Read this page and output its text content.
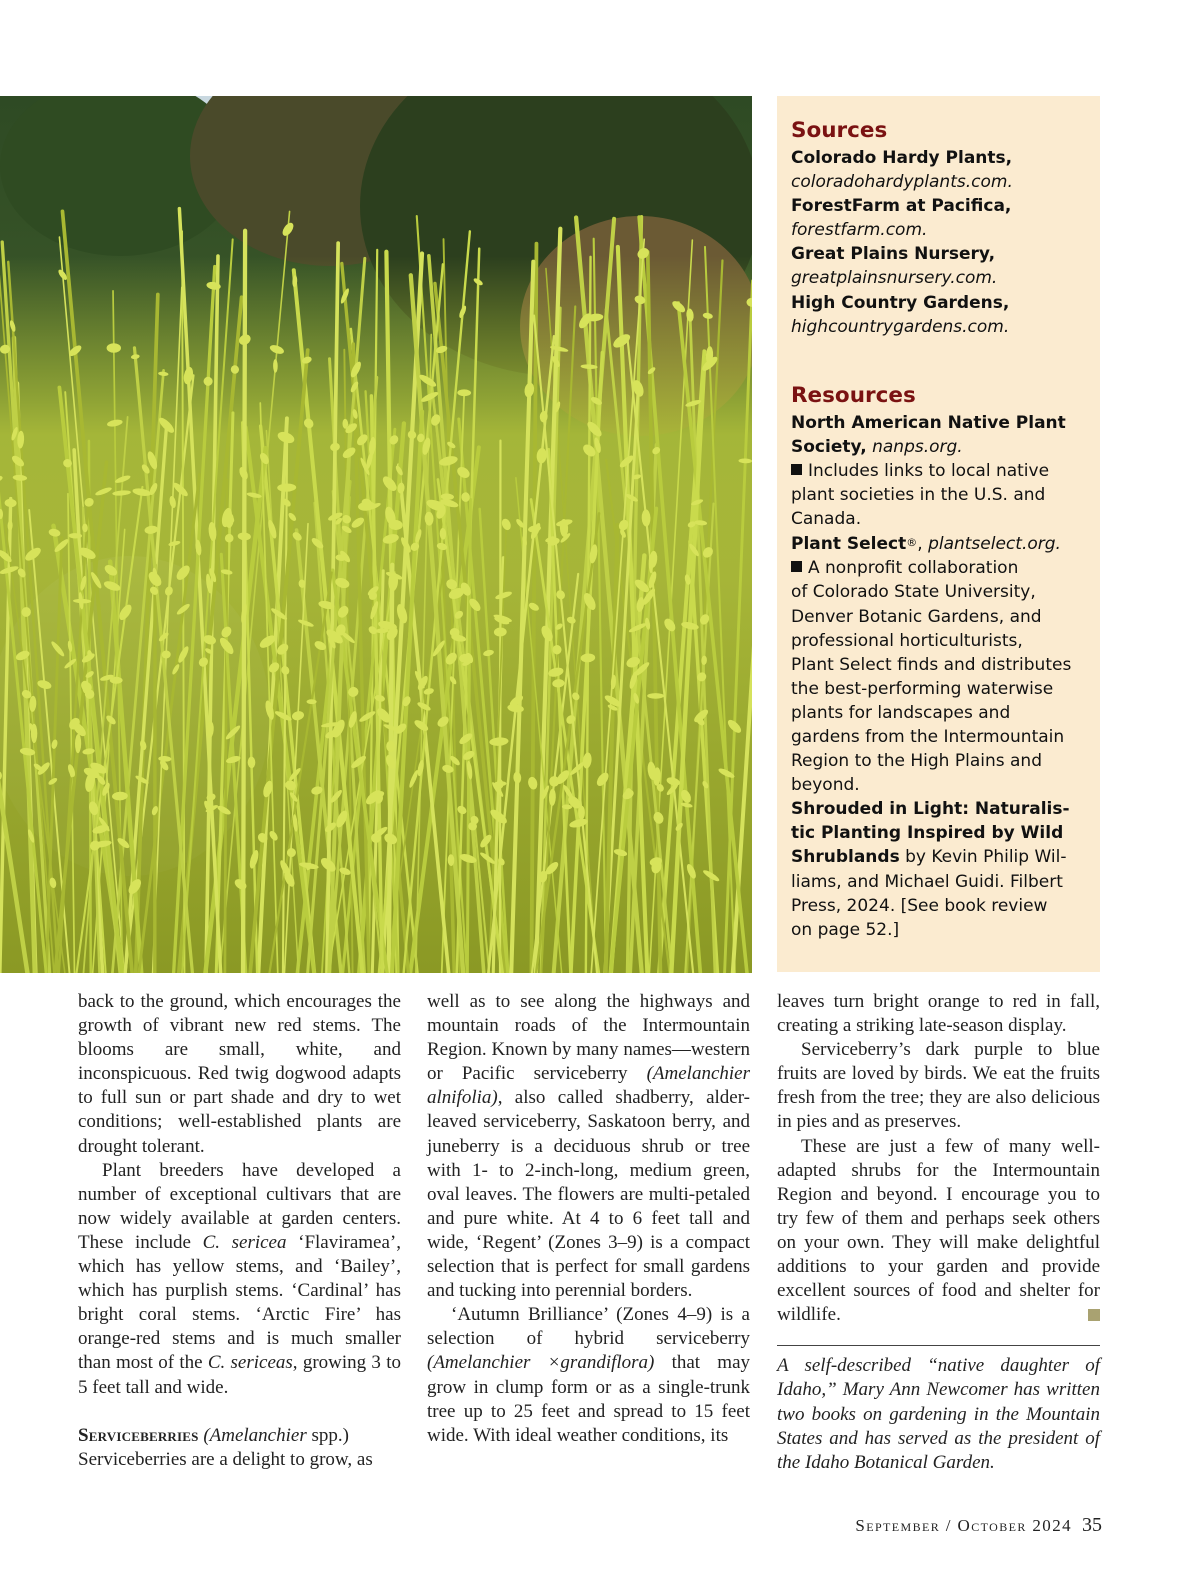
Sources

Colorado Hardy Plants,

coloradohardyplants.com.

ForestFarm at Pacifica,

forestfarm.com.

Great Plains Nursery,

greatplainsnursery.com.

High Country Gardens,

highcountrygardens.com.

Resources

North American Native Plant

Society, nanps.org.

Includes links to local native

plant societies in the U.S. and

Canada.

Plant Select®, plantselect.org.

A nonprofit collaboration

of Colorado State University,

Denver Botanic Gardens, and

professional horticulturists,

Plant Select finds and distributes

the best-performing waterwise

plants for landscapes and

gardens from the Intermountain

Region to the High Plains and

beyond.

Shrouded in Light: Naturalis-

tic Planting Inspired by Wild

Shrublands by Kevin Philip Wil-

liams, and Michael Guidi. Filbert

Press, 2024. [See book review

on page 52.]

back to the ground, which encourages the growth of vibrant new red stems. The blooms are small, white, and inconspicuous. Red twig dogwood adapts to full sun or part shade and dry to wet conditions; well-established plants are drought tolerant.

Plant breeders have developed a number of exceptional cultivars that are now widely available at garden centers. These include C. sericea ‘Flaviramea’, which has yellow stems, and ‘Bailey’, which has purplish stems. ‘Cardinal’ has bright coral stems. ‘Arctic Fire’ has orange-red stems and is much smaller than most of the C. sericeas, growing 3 to 5 feet tall and wide.

Serviceberries (Amelanchier spp.)

Serviceberries are a delight to grow, as

well as to see along the highways and mountain roads of the Intermountain Region. Known by many names—western or Pacific serviceberry (Amelanchier alnifolia), also called shadberry, alder-leaved serviceberry, Saskatoon berry, and juneberry is a deciduous shrub or tree with 1- to 2-inch-long, medium green, oval leaves. The flowers are multi-petaled and pure white. At 4 to 6 feet tall and wide, ‘Regent’ (Zones 3–9) is a compact selection that is perfect for small gardens and tucking into perennial borders.

‘Autumn Brilliance’ (Zones 4–9) is a selection of hybrid serviceberry (Amelanchier ×grandiflora) that may grow in clump form or as a single-trunk tree up to 25 feet and spread to 15 feet wide. With ideal weather conditions, its

leaves turn bright orange to red in fall, creating a striking late-season display.

Serviceberry’s dark purple to blue fruits are loved by birds. We eat the fruits fresh from the tree; they are also delicious in pies and as preserves.

These are just a few of many well-adapted shrubs for the Intermountain Region and beyond. I encourage you to try few of them and perhaps seek others on your own. They will make delightful additions to your garden and provide excellent sources of food and shelter for wildlife.

A self-described “native daughter of Idaho,” Mary Ann Newcomer has written two books on gardening in the Mountain States and has served as the president of the Idaho Botanical Garden.

September / October 2024 35
